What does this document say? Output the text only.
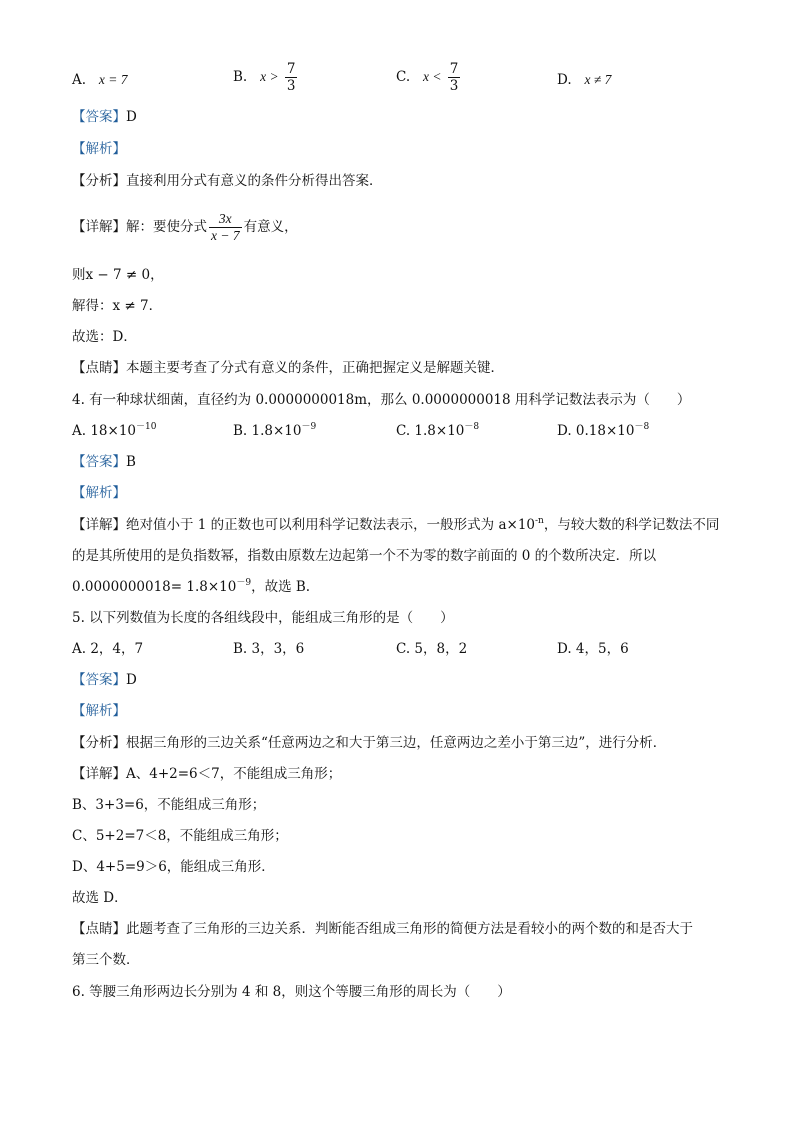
A. x = 7	B. $x > \frac{7}{3}$	C. $x < \frac{7}{3}$	D. x ≠ 7
【答案】D
【解析】
【分析】直接利用分式有意义的条件分析得出答案．
【详解】解：要使分式 $\frac{3x}{x - 7}$ 有意义，
则x − 7 ≠ 0，
解得：x ≠ 7．
故选：D．
【点睛】本题主要考查了分式有意义的条件，正确把握定义是解题关键．
4. 有一种球状细菌，直径约为 0.0000000018m，那么 0.0000000018 用科学记数法表示为（　　）
A. $18\times 10^{-10}$	B. $1.8\times 10^{-9}$	C. $1.8\times 10^{-8}$	D. $0.18\times 10^{-8}$
【答案】B
【解析】
【详解】绝对值小于 1 的正数也可以利用科学记数法表示，一般形式为 $a\times 10^{-n}$，与较大数的科学记数法不同
的是其所使用的是负指数幂，指数由原数左边起第一个不为零的数字前面的 0 的个数所决定．所以
$0.0000000018= 1.8\times 10^{-9}$，故选 B.
5. 以下列数值为长度的各组线段中，能组成三角形的是（　　）
A. 2，4，7	B. 3，3，6	C. 5，8，2	D. 4，5，6
【答案】D
【解析】
【分析】根据三角形的三边关系“任意两边之和大于第三边，任意两边之差小于第三边”，进行分析．
【详解】A、4+2=6＜7，不能组成三角形；
B、3+3=6，不能组成三角形；
C、5+2=7＜8，不能组成三角形；
D、4+5=9＞6，能组成三角形．
故选 D．
【点睛】此题考查了三角形的三边关系．判断能否组成三角形的简便方法是看较小的两个数的和是否大于
第三个数．
6. 等腰三角形两边长分别为 4 和 8，则这个等腰三角形的周长为（　　）
